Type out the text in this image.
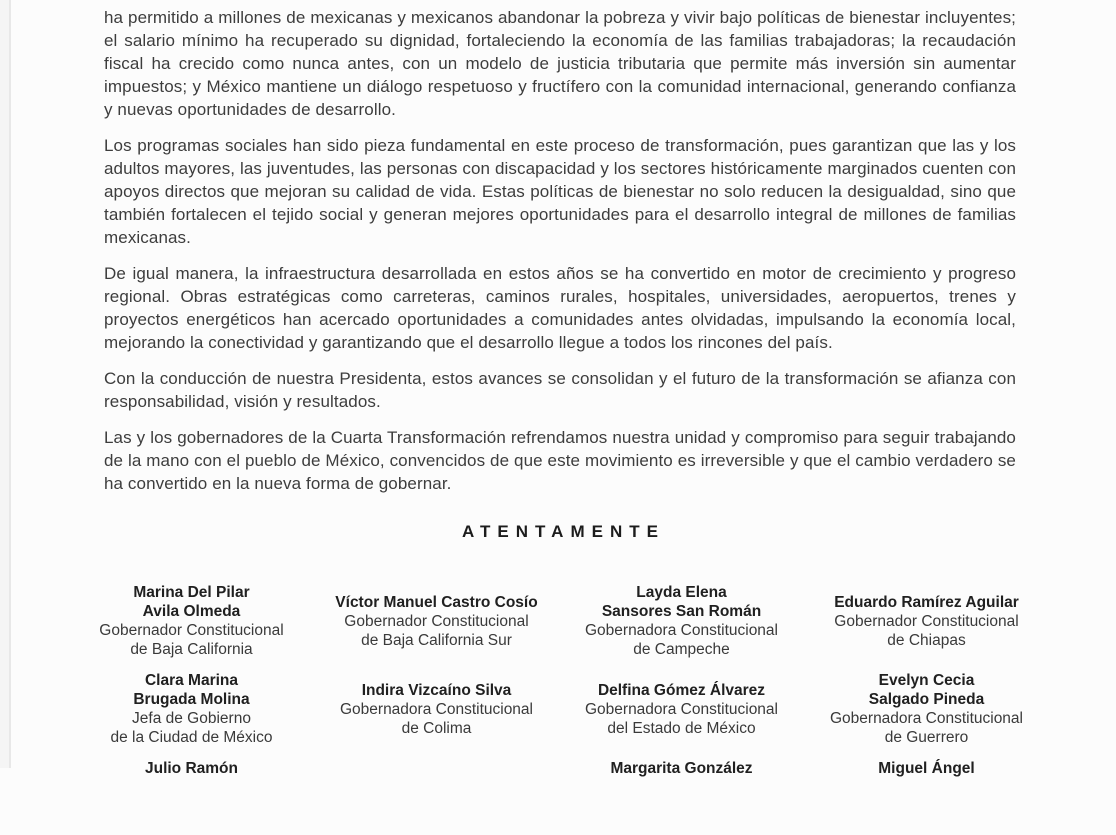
ha permitido a millones de mexicanas y mexicanos abandonar la pobreza y vivir bajo políticas de bienestar incluyentes; el salario mínimo ha recuperado su dignidad, fortaleciendo la economía de las familias trabajadoras; la recaudación fiscal ha crecido como nunca antes, con un modelo de justicia tributaria que permite más inversión sin aumentar impuestos; y México mantiene un diálogo respetuoso y fructífero con la comunidad internacional, generando confianza y nuevas oportunidades de desarrollo.

Los programas sociales han sido pieza fundamental en este proceso de transformación, pues garantizan que las y los adultos mayores, las juventudes, las personas con discapacidad y los sectores históricamente marginados cuenten con apoyos directos que mejoran su calidad de vida. Estas políticas de bienestar no solo reducen la desigualdad, sino que también fortalecen el tejido social y generan mejores oportunidades para el desarrollo integral de millones de familias mexicanas.

De igual manera, la infraestructura desarrollada en estos años se ha convertido en motor de crecimiento y progreso regional. Obras estratégicas como carreteras, caminos rurales, hospitales, universidades, aeropuertos, trenes y proyectos energéticos han acercado oportunidades a comunidades antes olvidadas, impulsando la economía local, mejorando la conectividad y garantizando que el desarrollo llegue a todos los rincones del país.

Con la conducción de nuestra Presidenta, estos avances se consolidan y el futuro de la transformación se afianza con responsabilidad, visión y resultados.

Las y los gobernadores de la Cuarta Transformación refrendamos nuestra unidad y compromiso para seguir trabajando de la mano con el pueblo de México, convencidos de que este movimiento es irreversible y que el cambio verdadero se ha convertido en la nueva forma de gobernar.

ATENTAMENTE
Marina Del Pilar
Avila Olmeda
Gobernador Constitucional
de Baja California
Víctor Manuel Castro Cosío
Gobernador Constitucional
de Baja California Sur
Layda Elena
Sansores San Román
Gobernadora Constitucional
de Campeche
Eduardo Ramírez Aguilar
Gobernador Constitucional
de Chiapas
Clara Marina
Brugada Molina
Jefa de Gobierno
de la Ciudad de México
Indira Vizcaíno Silva
Gobernadora Constitucional
de Colima
Delfina Gómez Álvarez
Gobernadora Constitucional
del Estado de México
Evelyn Cecia
Salgado Pineda
Gobernadora Constitucional
de Guerrero
Julio Ramón	Margarita González	Miguel Ángel
